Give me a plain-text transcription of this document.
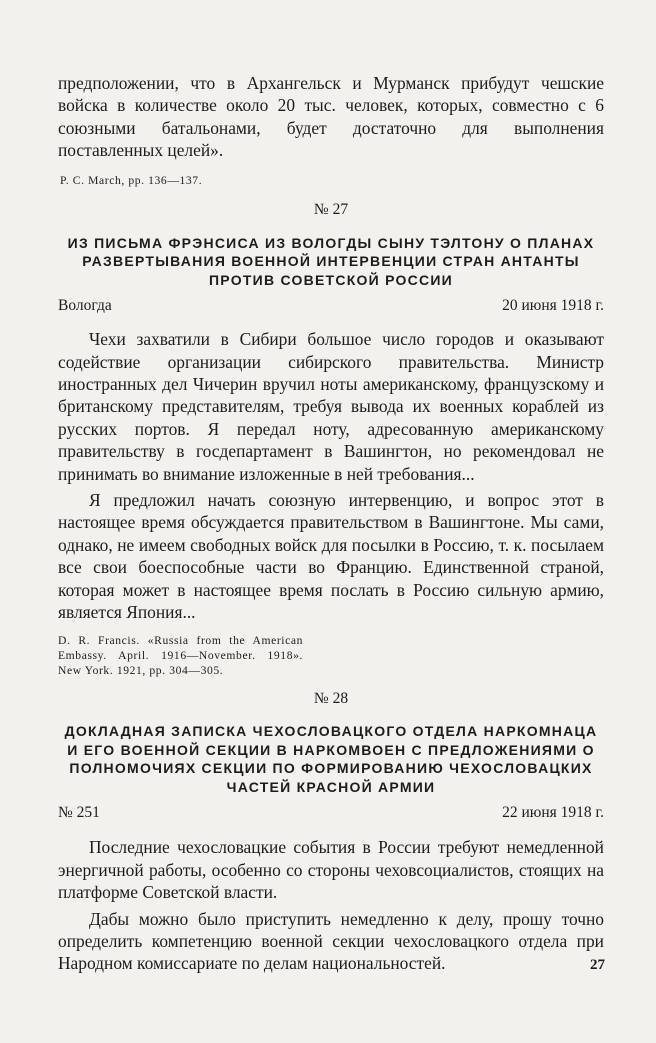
предположении, что в Архангельск и Мурманск прибудут чешские войска в количестве около 20 тыс. человек, которых, совместно с 6 союзными батальонами, будет достаточно для выполнения поставленных целей».

P. C. March, pp. 136—137.

№ 27

ИЗ ПИСЬМА ФРЭНСИСА ИЗ ВОЛОГДЫ СЫНУ ТЭЛТОНУ О ПЛАНАХ РАЗВЕРТЫВАНИЯ ВОЕННОЙ ИНТЕРВЕНЦИИ СТРАН АНТАНТЫ ПРОТИВ СОВЕТСКОЙ РОССИИ

Вологда	20 июня 1918 г.

Чехи захватили в Сибири большое число городов и оказывают содействие организации сибирского правительства. Министр иностранных дел Чичерин вручил ноты американскому, французскому и британскому представителям, требуя вывода их военных кораблей из русских портов. Я передал ноту, адресованную американскому правительству в госдепартамент в Вашингтон, но рекомендовал не принимать во внимание изложенные в ней требования...

Я предложил начать союзную интервенцию, и вопрос этот в настоящее время обсуждается правительством в Вашингтоне. Мы сами, однако, не имеем свободных войск для посылки в Россию, т. к. посылаем все свои боеспособные части во Францию. Единственной страной, которая может в настоящее время послать в Россию сильную армию, является Япония...

D. R. Francis. «Russia from the American Embassy. April. 1916—November. 1918». New York. 1921, pp. 304—305.

№ 28

ДОКЛАДНАЯ ЗАПИСКА ЧЕХОСЛОВАЦКОГО ОТДЕЛА НАРКОМНАЦА И ЕГО ВОЕННОЙ СЕКЦИИ В НАРКОМВОЕН С ПРЕДЛОЖЕНИЯМИ О ПОЛНОМОЧИЯХ СЕКЦИИ ПО ФОРМИРОВАНИЮ ЧЕХОСЛОВАЦКИХ ЧАСТЕЙ КРАСНОЙ АРМИИ

№ 251	22 июня 1918 г.

Последние чехословацкие события в России требуют немедленной энергичной работы, особенно со стороны чеховсоциалистов, стоящих на платформе Советской власти.

Дабы можно было приступить немедленно к делу, прошу точно определить компетенцию военной секции чехословацкого отдела при Народном комиссариате по делам национальностей.	27
